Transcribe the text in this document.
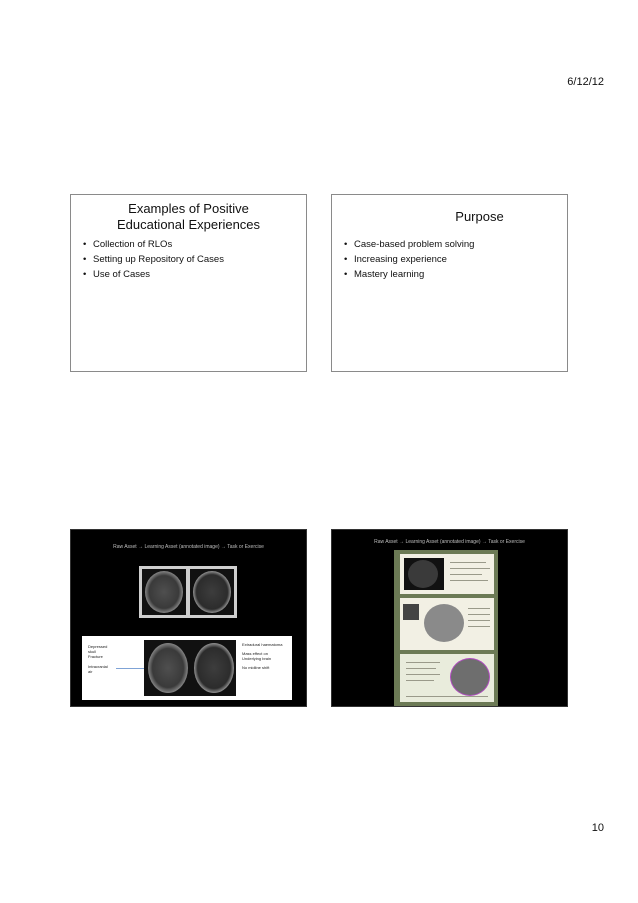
6/12/12
Examples of Positive Educational Experiences
• Collection of RLOs
• Setting up Repository of Cases
• Use of Cases
Purpose
• Case-based problem solving
• Increasing experience
• Mastery learning
Raw Asset → Learning Asset (annotated image) → Task or Exercise
Depressed
skull
Fracture
Intracranial
air
Extradural haematoma
Mass effect on
Underlying brain
No midline shift
Raw Asset → Learning Asset (annotated image) → Task or Exercise
10
